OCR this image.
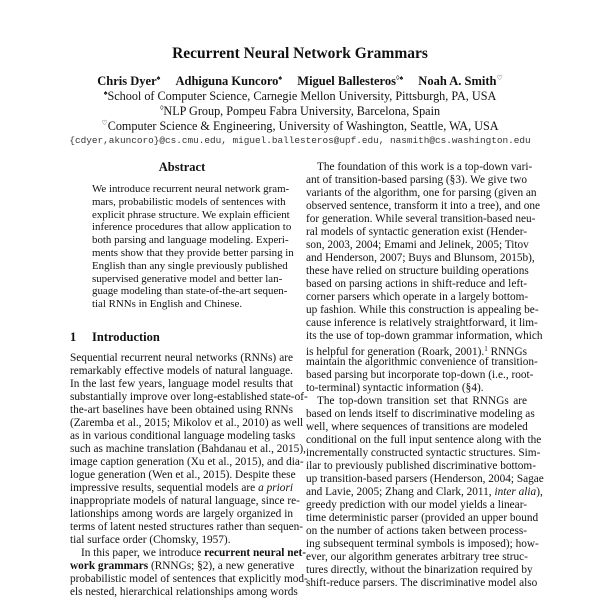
Recurrent Neural Network Grammars
Chris Dyer♠ Adhiguna Kuncoro♠ Miguel Ballesteros◊♠ Noah A. Smith♡
♠School of Computer Science, Carnegie Mellon University, Pittsburgh, PA, USA
◊NLP Group, Pompeu Fabra University, Barcelona, Spain
♡Computer Science & Engineering, University of Washington, Seattle, WA, USA
{cdyer,akuncoro}@cs.cmu.edu, miguel.ballesteros@upf.edu, nasmith@cs.washington.edu
Abstract
We introduce recurrent neural network gram-
mars, probabilistic models of sentences with
explicit phrase structure. We explain efficient
inference procedures that allow application to
both parsing and language modeling. Experi-
ments show that they provide better parsing in
English than any single previously published
supervised generative model and better lan-
guage modeling than state-of-the-art sequen-
tial RNNs in English and Chinese.
1 Introduction
Sequential recurrent neural networks (RNNs) are
remarkably effective models of natural language.
In the last few years, language model results that
substantially improve over long-established state-of-
the-art baselines have been obtained using RNNs
(Zaremba et al., 2015; Mikolov et al., 2010) as well
as in various conditional language modeling tasks
such as machine translation (Bahdanau et al., 2015),
image caption generation (Xu et al., 2015), and dia-
logue generation (Wen et al., 2015). Despite these
impressive results, sequential models are a priori
inappropriate models of natural language, since re-
lationships among words are largely organized in
terms of latent nested structures rather than sequen-
tial surface order (Chomsky, 1957).
In this paper, we introduce recurrent neural net-
work grammars (RNNGs; §2), a new generative
probabilistic model of sentences that explicitly mod-
els nested, hierarchical relationships among words
The foundation of this work is a top-down vari-
ant of transition-based parsing (§3). We give two
variants of the algorithm, one for parsing (given an
observed sentence, transform it into a tree), and one
for generation. While several transition-based neu-
ral models of syntactic generation exist (Hender-
son, 2003, 2004; Emami and Jelinek, 2005; Titov
and Henderson, 2007; Buys and Blunsom, 2015b),
these have relied on structure building operations
based on parsing actions in shift-reduce and left-
corner parsers which operate in a largely bottom-
up fashion. While this construction is appealing be-
cause inference is relatively straightforward, it lim-
its the use of top-down grammar information, which
is helpful for generation (Roark, 2001).$^1$ RNNGs
maintain the algorithmic convenience of transition-
based parsing but incorporate top-down (i.e., root-
to-terminal) syntactic information (§4).
The top-down transition set that RNNGs are
based on lends itself to discriminative modeling as
well, where sequences of transitions are modeled
conditional on the full input sentence along with the
incrementally constructed syntactic structures. Sim-
ilar to previously published discriminative bottom-
up transition-based parsers (Henderson, 2004; Sagae
and Lavie, 2005; Zhang and Clark, 2011, inter alia),
greedy prediction with our model yields a linear-
time deterministic parser (provided an upper bound
on the number of actions taken between process-
ing subsequent terminal symbols is imposed); how-
ever, our algorithm generates arbitrary tree struc-
tures directly, without the binarization required by
shift-reduce parsers. The discriminative model also
